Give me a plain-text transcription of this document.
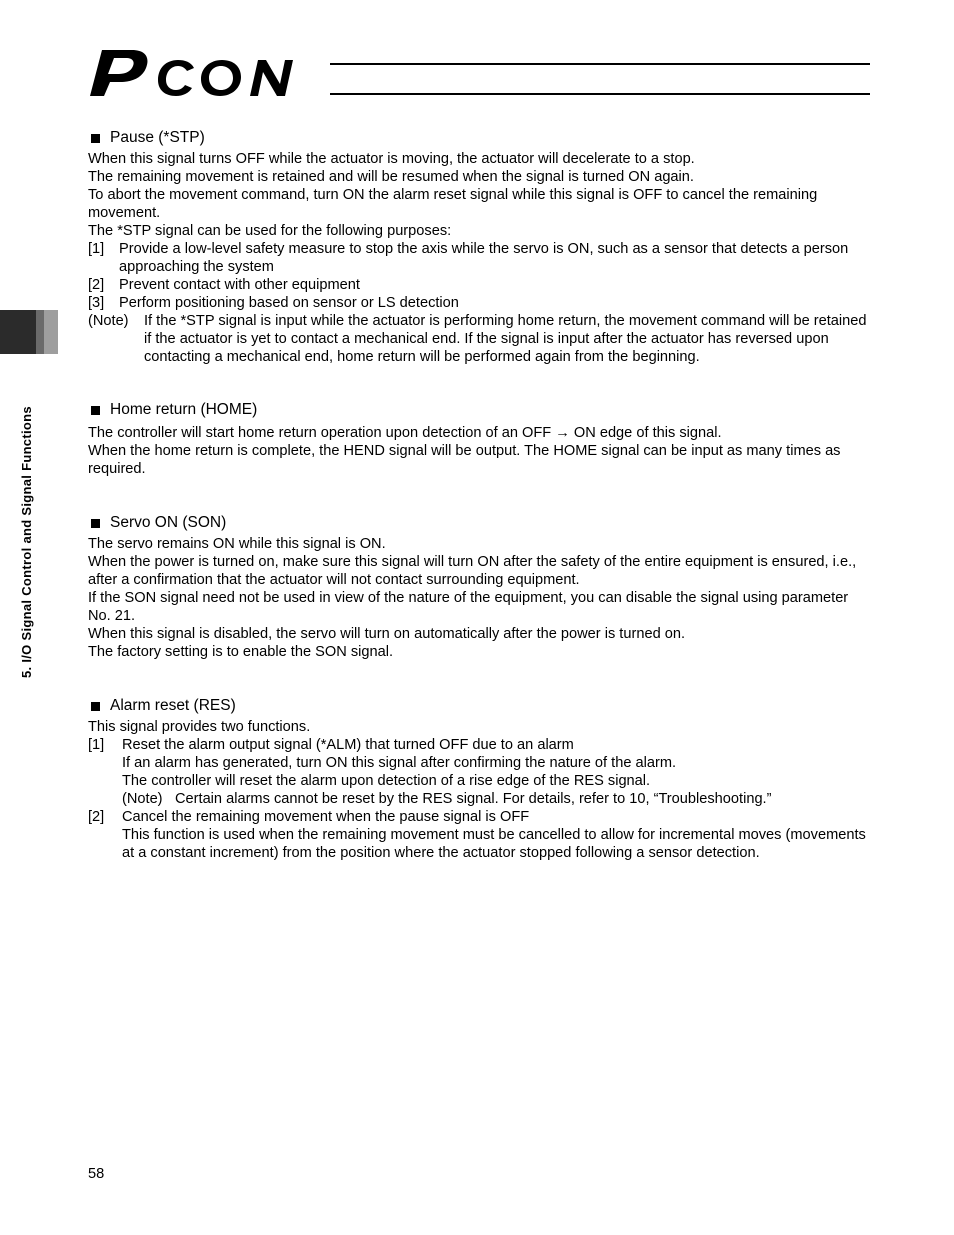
5. I/O Signal Control and Signal Functions
Pause (*STP)

When this signal turns OFF while the actuator is moving, the actuator will decelerate to a stop.

The remaining movement is retained and will be resumed when the signal is turned ON again.

To abort the movement command, turn ON the alarm reset signal while this signal is OFF to cancel the remaining movement.

The *STP signal can be used for the following purposes:

[1]	Provide a low-level safety measure to stop the axis while the servo is ON, such as a sensor that detects a person approaching the system
[2]	Prevent contact with other equipment
[3]	Perform positioning based on sensor or LS detection
(Note)	If the *STP signal is input while the actuator is performing home return, the movement command will be retained if the actuator is yet to contact a mechanical end. If the signal is input after the actuator has reversed upon contacting a mechanical end, home return will be performed again from the beginning.
Home return (HOME)

The controller will start home return operation upon detection of an OFF → ON edge of this signal.

When the home return is complete, the HEND signal will be output. The HOME signal can be input as many times as required.

Servo ON (SON)

The servo remains ON while this signal is ON.

When the power is turned on, make sure this signal will turn ON after the safety of the entire equipment is ensured, i.e., after a confirmation that the actuator will not contact surrounding equipment.

If the SON signal need not be used in view of the nature of the equipment, you can disable the signal using parameter No. 21.

When this signal is disabled, the servo will turn on automatically after the power is turned on.

The factory setting is to enable the SON signal.

Alarm reset (RES)

This signal provides two functions.

[1]	Reset the alarm output signal (*ALM) that turned OFF due to an alarm

If an alarm has generated, turn ON this signal after confirming the nature of the alarm.

The controller will reset the alarm upon detection of a rise edge of the RES signal.

(Note) Certain alarms cannot be reset by the RES signal. For details, refer to 10, “Troubleshooting.”
[2]	Cancel the remaining movement when the pause signal is OFF

This function is used when the remaining movement must be cancelled to allow for incremental moves (movements at a constant increment) from the position where the actuator stopped following a sensor detection.

58
